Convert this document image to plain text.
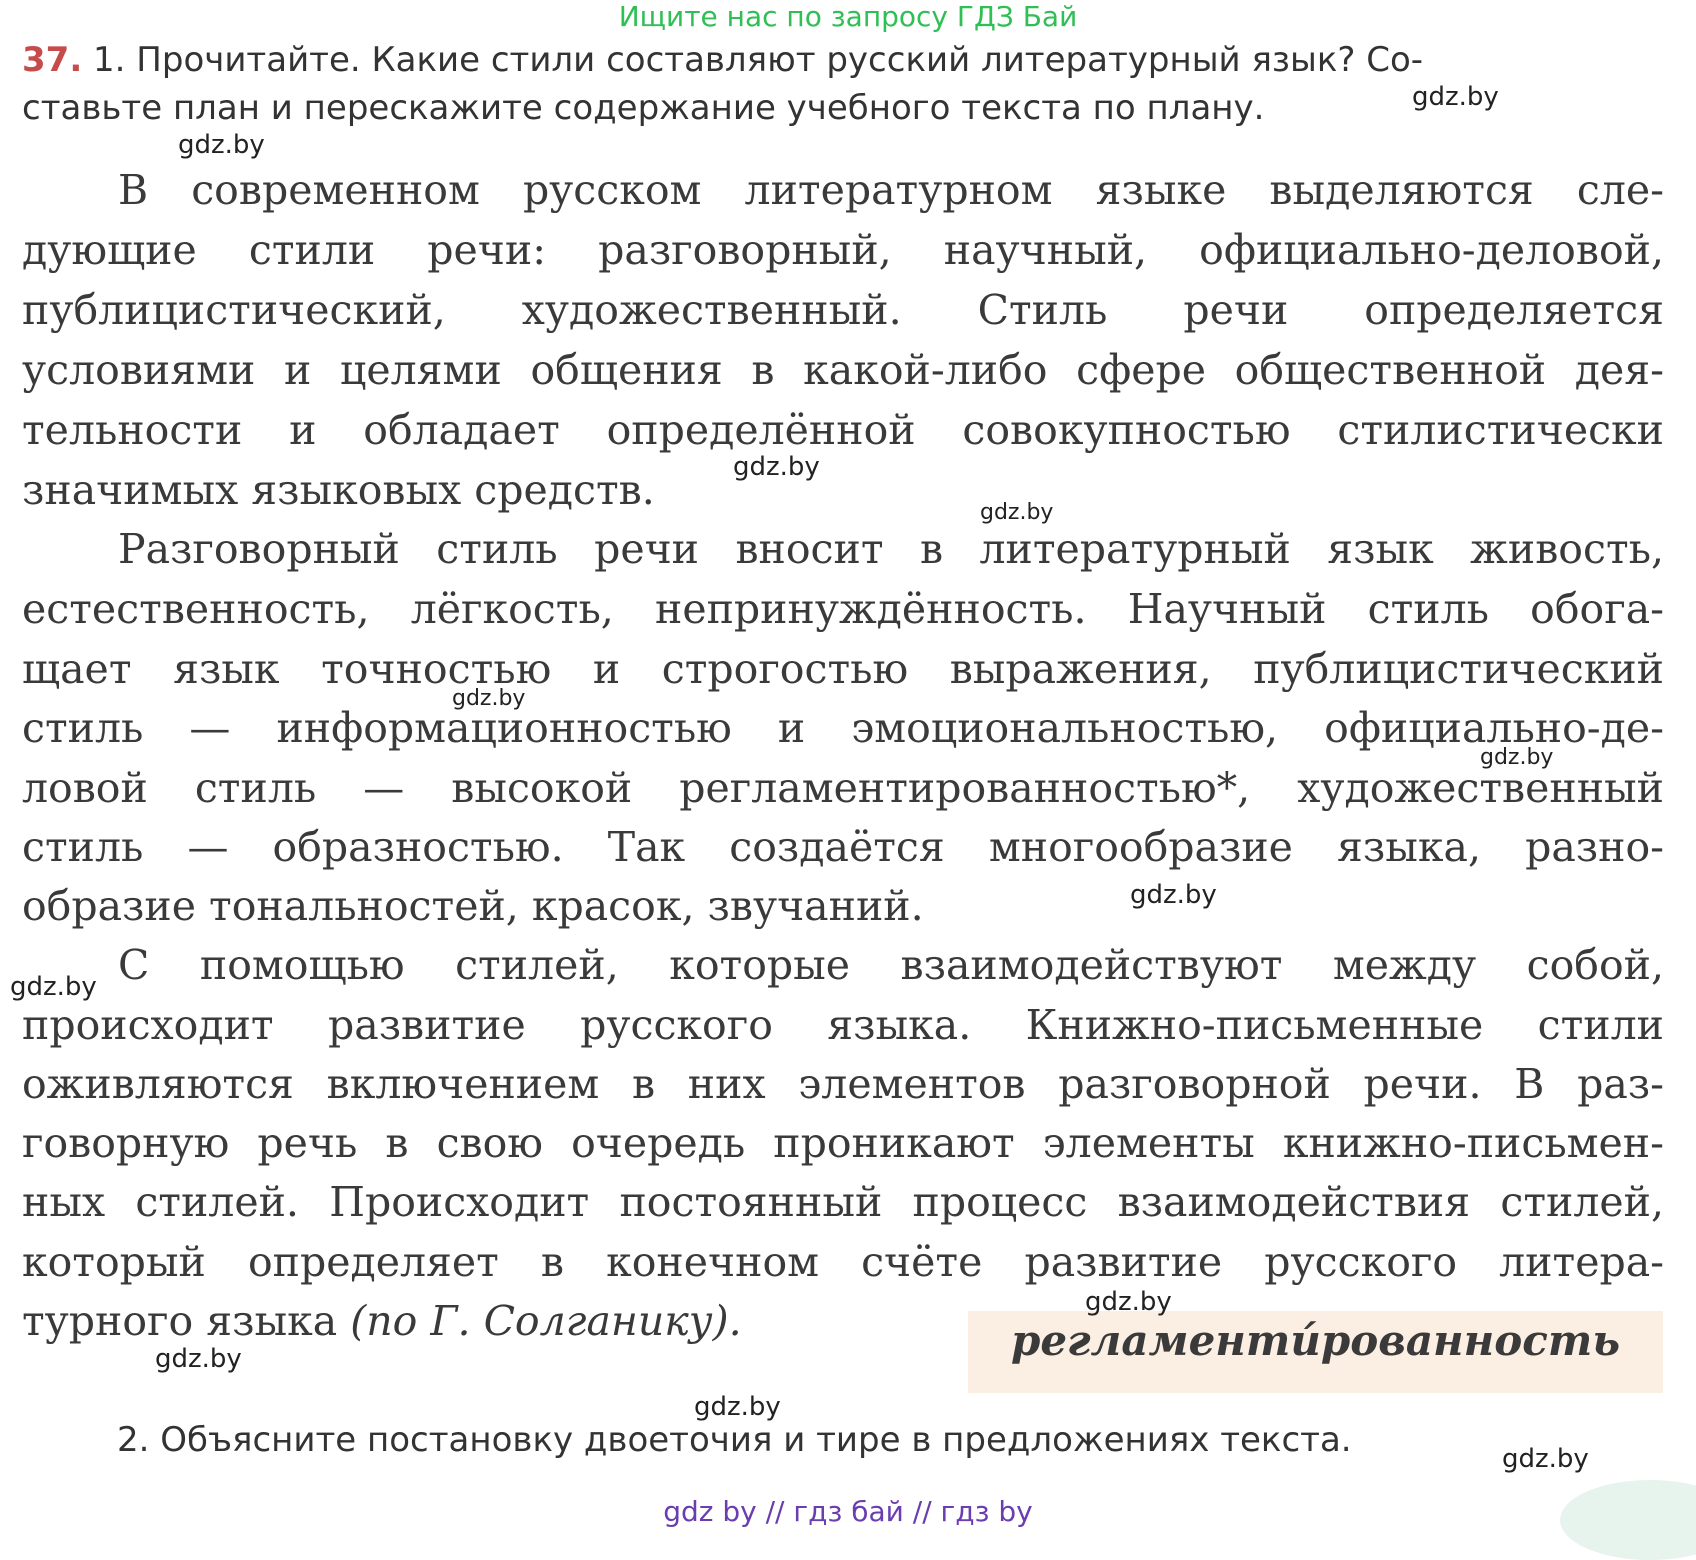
Ищите нас по запросу ГДЗ Бай
37. 1. Прочитайте. Какие стили составляют русский литературный язык? Со-
ставьте план и перескажите содержание учебного текста по плану.
В современном русском литературном языке выделяются сле-
дующие стили речи: разговорный, научный, официально-деловой,
публицистический, художественный. Стиль речи определяется
условиями и целями общения в какой-либо сфере общественной дея-
тельности и обладает определённой совокупностью стилистически
значимых языковых средств.
Разговорный стиль речи вносит в литературный язык живость,
естественность, лёгкость, непринуждённость. Научный стиль обога-
щает язык точностью и строгостью выражения, публицистический
стиль — информационностью и эмоциональностью, официально-де-
ловой стиль — высокой регламентированностью*, художественный
стиль — образностью. Так создаётся многообразие языка, разно-
образие тональностей, красок, звучаний.
С помощью стилей, которые взаимодействуют между собой,
происходит развитие русского языка. Книжно-письменные стили
оживляются включением в них элементов разговорной речи. В раз-
говорную речь в свою очередь проникают элементы книжно-письмен-
ных стилей. Происходит постоянный процесс взаимодействия стилей,
который определяет в конечном счёте развитие русского литера-
турного языка (по Г. Солганику).	регламенти́рованность
2. Объясните постановку двоеточия и тире в предложениях текста.
gdz.by
gdz.by
gdz.by
gdz.by
gdz.by
gdz.by
gdz.by
gdz.by
gdz.by
gdz.by
gdz.by
gdz.by
gdz by // гдз бай // гдз by
